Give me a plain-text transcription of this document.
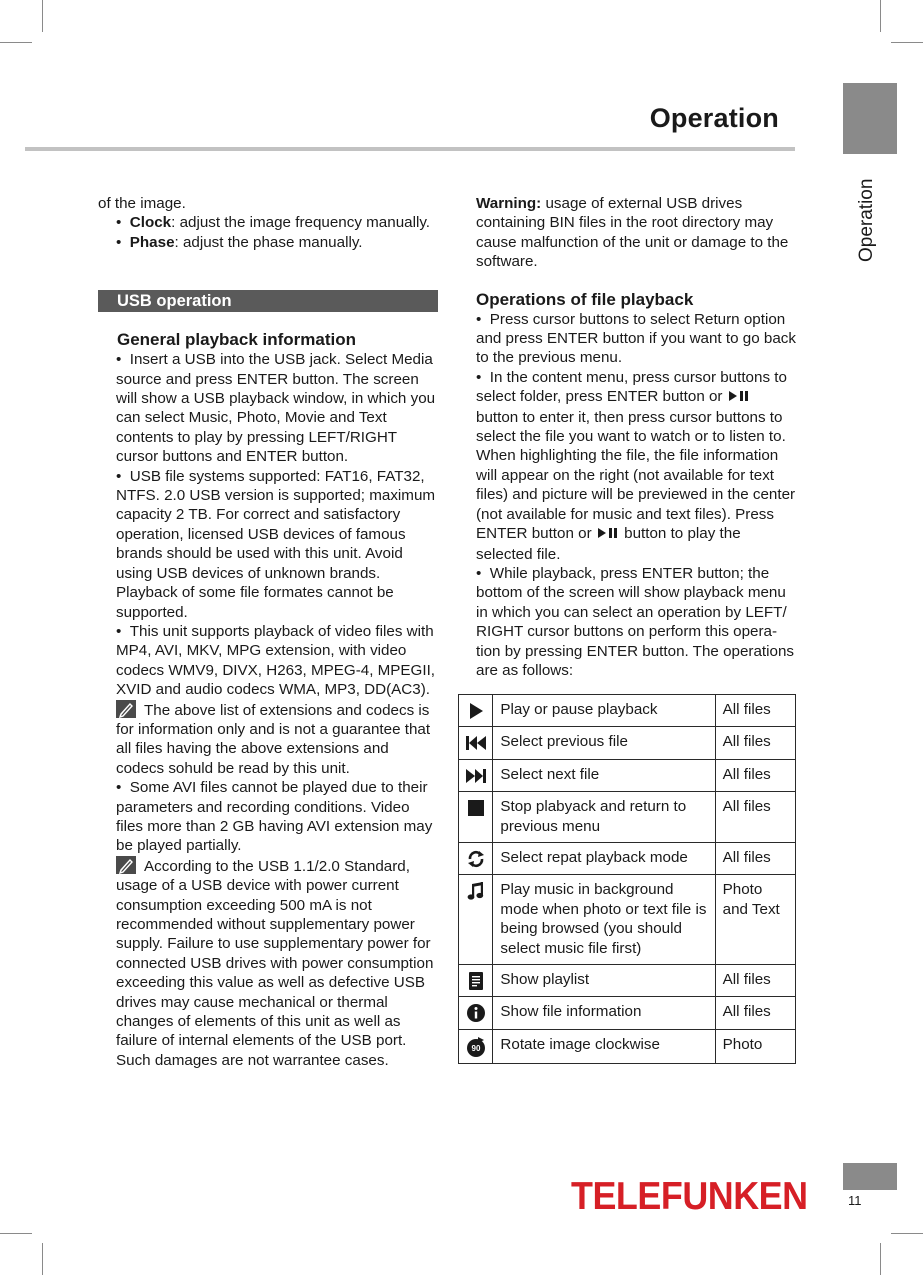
Operation
Operation

of the image.

•  Clock: adjust the image frequency manually.

•  Phase: adjust the phase manually.

USB operation

General playback information

•  Insert a USB into the USB jack. Select Media source and press ENTER button. The screen will show a USB playback window, in which you can select Music, Photo, Movie and Text contents to play by pressing LEFT/RIGHT cursor buttons and ENTER button.

•  USB file systems supported: FAT16, FAT32, NTFS. 2.0 USB version is supported; maximum capacity 2 TB. For correct and satisfactory operation, licensed USB devices of famous brands should be used with this unit. Avoid using USB devices of unknown brands. Playback of some file formates cannot be supported.

•  This unit supports playback of video files with MP4, AVI, MKV, MPG extension, with video codecs WMV9, DIVX, H263, MPEG-4, MPEGII, XVID and audio codecs WMA, MP3, DD(AC3).

The above list of extensions and codecs is for information only and is not a guarantee that all files having the above extensions and codecs sohuld be read by this unit.

•  Some AVI files cannot be played due to their parameters and recording conditions. Video files more than 2 GB having AVI extension may be played partially.

According to the USB 1.1/2.0 Standard, usage of a USB device with power current consumption exceeding 500 mA is not recommended without supplementary power supply. Failure to use supplementary power for connected USB drives with power consumption exceeding this value as well as defective USB drives may cause mechanical or thermal changes of elements of this unit as well as failure of internal elements of the USB port. Such damages are not warrantee cases.

Warning: usage of external USB drives containing BIN files in the root directory may cause malfunction of the unit or damage to the software.

Operations of file playback

•  Press cursor buttons to select Return option and press ENTER button if you want to go back to the previous menu.

•  In the content menu, press cursor buttons to select folder, press ENTER button or
button to enter it, then press cursor buttons to select the file you want to watch or to listen to. When highlighting the file, the file information will appear on the right (not available for text files) and picture will be previewed in the center (not available for music and text files). Press ENTER button or button to play the selected file.

•  While playback, press ENTER button; the bottom of the screen will show playback menu in which you can select an operation by LEFT/ RIGHT cursor buttons on perform this opera-tion by pressing ENTER button. The operations are as follows:

	Play or pause playback	All files
	Select previous file	All files
	Select next file	All files
	Stop plabyack and return to previous menu	All files
	Select repat playback mode	All files
	Play music in background mode when photo or text file is being browsed (you should select music file first)	Photo and Text
	Show playlist	All files
	Show file information	All files

90	Rotate image clockwise	Photo
TELEFUNKEN	11
